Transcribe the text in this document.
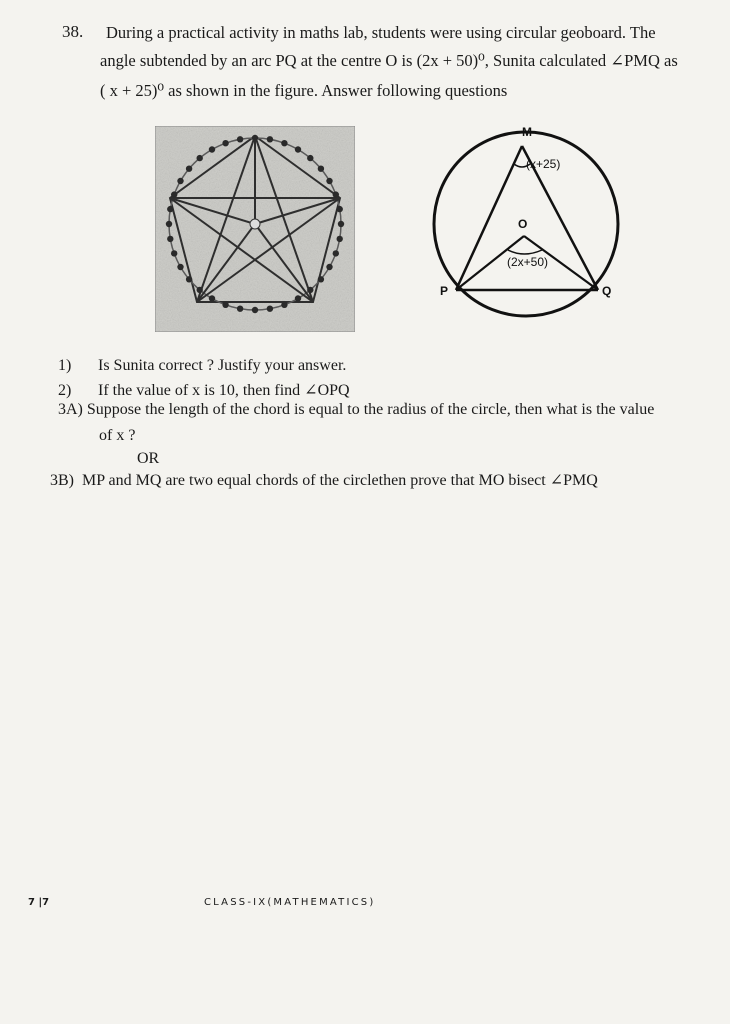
38. During a practical activity in maths lab, students were using circular geoboard. The
angle subtended by an arc PQ at the centre O is (2x + 50)⁰, Sunita calculated ∠PMQ as
( x + 25)⁰ as shown in the figure. Answer following questions
M
O
P	Q
(x+25)
(2x+50)
1) Is Sunita correct ? Justify your answer.
2) If the value of x is 10, then find ∠OPQ
3A) Suppose the length of the chord is equal to the radius of the circle, then what is the value
of x ?
OR
3B) MP and MQ are two equal chords of the circlethen prove that MO bisect ∠PMQ
7 |7	CLASS-IX(MATHEMATICS)
